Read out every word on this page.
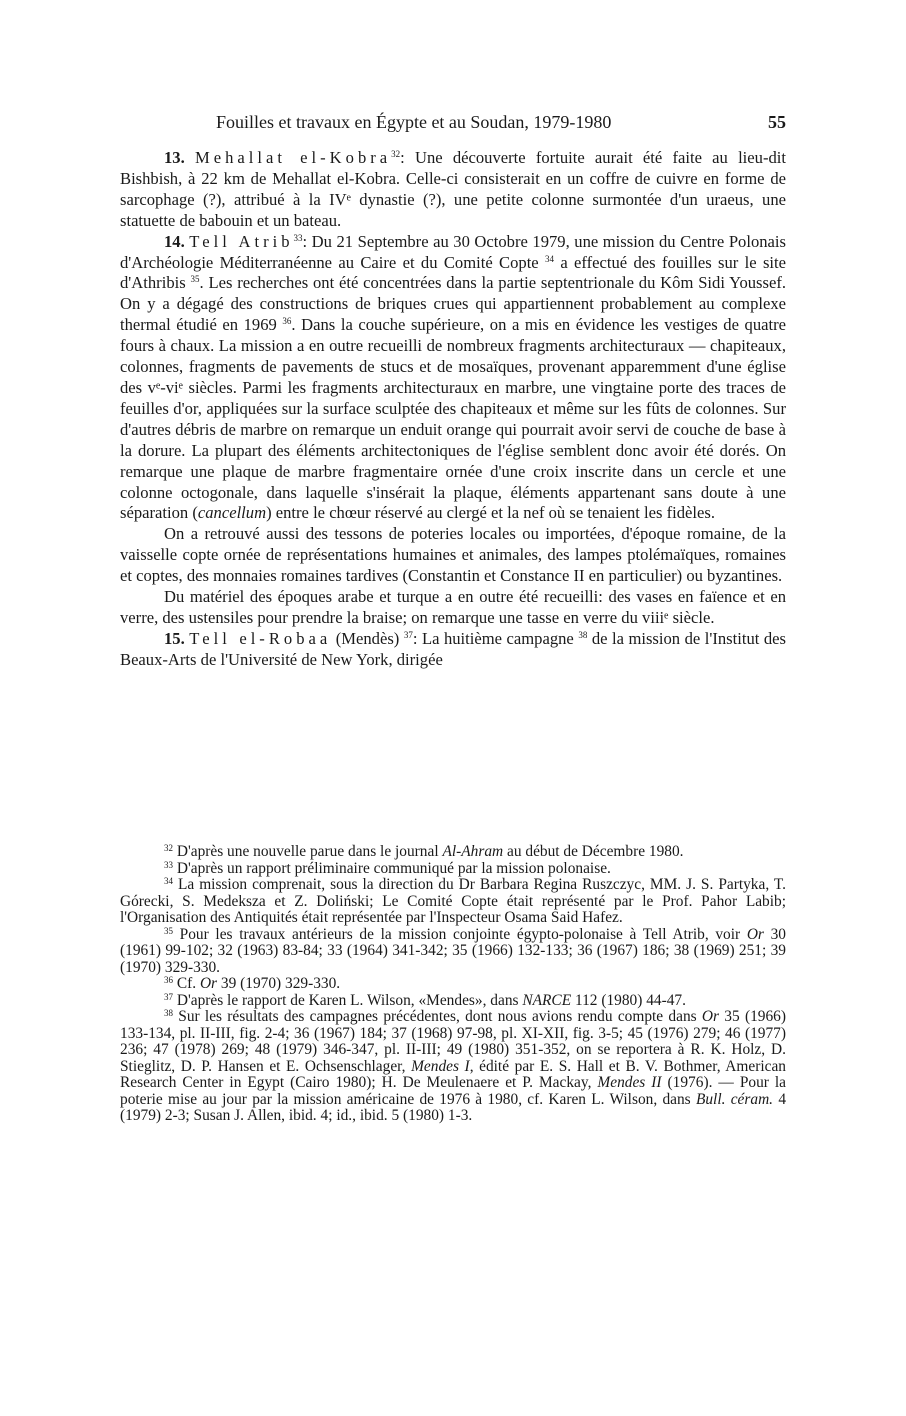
Fouilles et travaux en Égypte et au Soudan, 1979-1980	55

13. Mehallat el-Kobra$^{32}$: Une découverte fortuite aurait été faite au lieu-dit Bishbish, à 22 km de Mehallat el-Kobra. Celle-ci consisterait en un coffre de cuivre en forme de sarcophage (?), attribué à la IVᵉ dynastie (?), une petite colonne surmontée d'un uraeus, une statuette de babouin et un bateau.

14. Tell Atrib$^{33}$: Du 21 Septembre au 30 Octobre 1979, une mission du Centre Polonais d'Archéologie Méditerranéenne au Caire et du Comité Copte $^{34}$ a effectué des fouilles sur le site d'Athribis $^{35}$. Les recherches ont été concentrées dans la partie septentrionale du Kôm Sidi Youssef. On y a dégagé des constructions de briques crues qui appartiennent probablement au complexe thermal étudié en 1969 $^{36}$. Dans la couche supérieure, on a mis en évidence les vestiges de quatre fours à chaux. La mission a en outre recueilli de nombreux fragments architecturaux — chapiteaux, colonnes, fragments de pavements de stucs et de mosaïques, provenant apparemment d'une église des vᵉ-viᵉ siècles. Parmi les fragments architecturaux en marbre, une vingtaine porte des traces de feuilles d'or, appliquées sur la surface sculptée des chapiteaux et même sur les fûts de colonnes. Sur d'autres débris de marbre on remarque un enduit orange qui pourrait avoir servi de couche de base à la dorure. La plupart des éléments architectoniques de l'église semblent donc avoir été dorés. On remarque une plaque de marbre fragmentaire ornée d'une croix inscrite dans un cercle et une colonne octogonale, dans laquelle s'insérait la plaque, éléments appartenant sans doute à une séparation (cancellum) entre le chœur réservé au clergé et la nef où se tenaient les fidèles.

On a retrouvé aussi des tessons de poteries locales ou importées, d'époque romaine, de la vaisselle copte ornée de représentations humaines et animales, des lampes ptolémaïques, romaines et coptes, des monnaies romaines tardives (Constantin et Constance II en particulier) ou byzantines.

Du matériel des époques arabe et turque a en outre été recueilli: des vases en faïence et en verre, des ustensiles pour prendre la braise; on remarque une tasse en verre du viiiᵉ siècle.

15. Tell el-Robaa (Mendès) $^{37}$: La huitième campagne $^{38}$ de la mission de l'Institut des Beaux-Arts de l'Université de New York, dirigée

$^{32}$ D'après une nouvelle parue dans le journal Al-Ahram au début de Décembre 1980.

$^{33}$ D'après un rapport préliminaire communiqué par la mission polonaise.

$^{34}$ La mission comprenait, sous la direction du Dr Barbara Regina Ruszczyc, MM. J. S. Partyka, T. Górecki, S. Medeksza et Z. Doliński; Le Comité Copte était représenté par le Prof. Pahor Labib; l'Organisation des Antiquités était représentée par l'Inspecteur Osama Said Hafez.

$^{35}$ Pour les travaux antérieurs de la mission conjointe égypto-polonaise à Tell Atrib, voir Or 30 (1961) 99-102; 32 (1963) 83-84; 33 (1964) 341-342; 35 (1966) 132-133; 36 (1967) 186; 38 (1969) 251; 39 (1970) 329-330.

$^{36}$ Cf. Or 39 (1970) 329-330.

$^{37}$ D'après le rapport de Karen L. Wilson, «Mendes», dans NARCE 112 (1980) 44-47.

$^{38}$ Sur les résultats des campagnes précédentes, dont nous avions rendu compte dans Or 35 (1966) 133-134, pl. II-III, fig. 2-4; 36 (1967) 184; 37 (1968) 97-98, pl. XI-XII, fig. 3-5; 45 (1976) 279; 46 (1977) 236; 47 (1978) 269; 48 (1979) 346-347, pl. II-III; 49 (1980) 351-352, on se reportera à R. K. Holz, D. Stieglitz, D. P. Hansen et E. Ochsenschlager, Mendes I, édité par E. S. Hall et B. V. Bothmer, American Research Center in Egypt (Cairo 1980); H. De Meulenaere et P. Mackay, Mendes II (1976). — Pour la poterie mise au jour par la mission américaine de 1976 à 1980, cf. Karen L. Wilson, dans Bull. céram. 4 (1979) 2-3; Susan J. Allen, ibid. 4; id., ibid. 5 (1980) 1-3.
